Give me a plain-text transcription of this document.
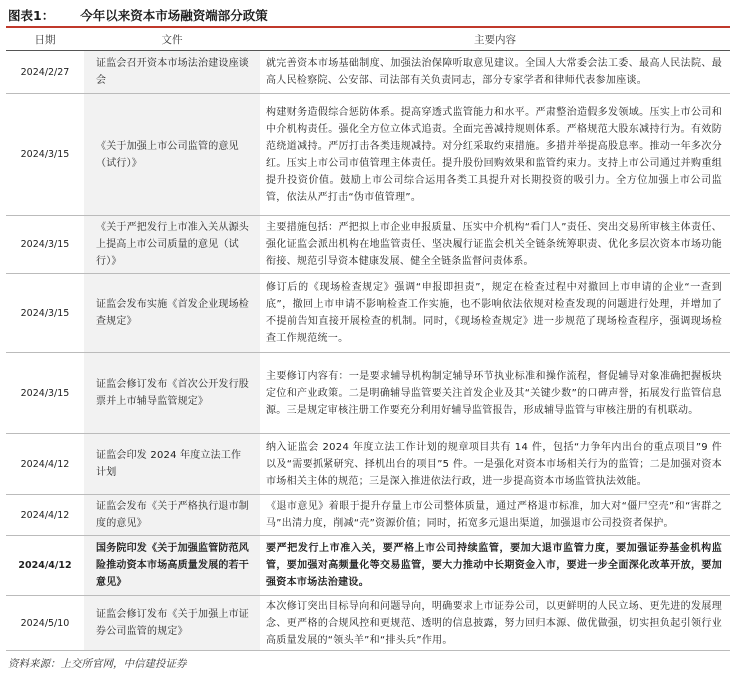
图表1： 今年以来资本市场融资端部分政策
日期	文件	主要内容
2024/2/27	证监会召开资本市场法治建设座谈会	就完善资本市场基础制度、加强法治保障听取意见建议。全国人大常委会法工委、最高人民法院、最高人民检察院、公安部、司法部有关负责同志，部分专家学者和律师代表参加座谈。
2024/3/15	《关于加强上市公司监管的意见（试行）》	构建财务造假综合惩防体系。提高穿透式监管能力和水平。严肃整治造假多发领域。压实上市公司和中介机构责任。强化全方位立体式追责。全面完善减持规则体系。严格规范大股东减持行为。有效防范绕道减持。严厉打击各类违规减持。对分红采取约束措施。多措并举提高股息率。推动一年多次分红。压实上市公司市值管理主体责任。提升股份回购效果和监管约束力。支持上市公司通过并购重组提升投资价值。鼓励上市公司综合运用各类工具提升对长期投资的吸引力。全方位加强上市公司监管，依法从严打击“伪市值管理”。
2024/3/15	《关于严把发行上市准入关从源头上提高上市公司质量的意见（试行）》	主要措施包括：严把拟上市企业申报质量、压实中介机构“看门人”责任、突出交易所审核主体责任、强化证监会派出机构在地监管责任、坚决履行证监会机关全链条统筹职责、优化多层次资本市场功能衔接、规范引导资本健康发展、健全全链条监督问责体系。
2024/3/15	证监会发布实施《首发企业现场检查规定》	修订后的《现场检查规定》强调“申报即担责”，规定在检查过程中对撤回上市申请的企业“一查到底”，撤回上市申请不影响检查工作实施，也不影响依法依规对检查发现的问题进行处理，并增加了不提前告知直接开展检查的机制。同时，《现场检查规定》进一步规范了现场检查程序，强调现场检查工作规范统一。
2024/3/15	证监会修订发布《首次公开发行股票并上市辅导监管规定》	主要修订内容有：一是要求辅导机构制定辅导环节执业标准和操作流程，督促辅导对象准确把握板块定位和产业政策。二是明确辅导监管要关注首发企业及其“关键少数”的口碑声誉，拓展发行监管信息源。三是规定审核注册工作要充分利用好辅导监管报告，形成辅导监管与审核注册的有机联动。
2024/4/12	证监会印发 2024 年度立法工作计划	纳入证监会 2024 年度立法工作计划的规章项目共有 14 件，包括“力争年内出台的重点项目”9 件以及“需要抓紧研究、择机出台的项目”5 件。一是强化对资本市场相关行为的监管；二是加强对资本市场相关主体的规范；三是深入推进依法行政，进一步提高资本市场监管执法效能。
2024/4/12	证监会发布《关于严格执行退市制度的意见》	《退市意见》着眼于提升存量上市公司整体质量，通过严格退市标准，加大对“僵尸空壳”和“害群之马”出清力度，削减“壳”资源价值；同时，拓宽多元退出渠道，加强退市公司投资者保护。
2024/4/12	国务院印发《关于加强监管防范风险推动资本市场高质量发展的若干意见》	要严把发行上市准入关，要严格上市公司持续监管，要加大退市监管力度，要加强证券基金机构监管，要加强对高频量化等交易监管，要大力推动中长期资金入市，要进一步全面深化改革开放，要加强资本市场法治建设。
2024/5/10	证监会修订发布《关于加强上市证券公司监管的规定》	本次修订突出目标导向和问题导向，明确要求上市证券公司，以更鲜明的人民立场、更先进的发展理念、更严格的合规风控和更规范、透明的信息披露，努力回归本源、做优做强，切实担负起引领行业高质量发展的“领头羊”和“排头兵”作用。
资料来源：上交所官网，中信建投证券
